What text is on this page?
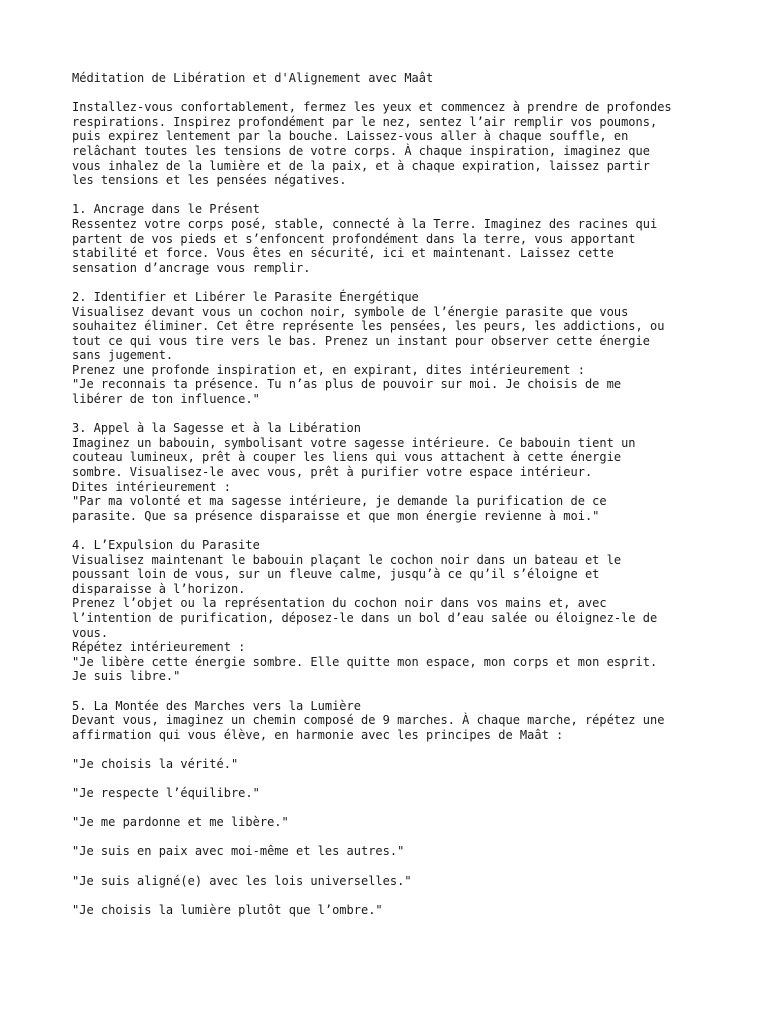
Méditation de Libération et d'Alignement avec Maât
Installez-vous confortablement, fermez les yeux et commencez à prendre de profondes
respirations. Inspirez profondément par le nez, sentez l’air remplir vos poumons,
puis expirez lentement par la bouche. Laissez-vous aller à chaque souffle, en
relâchant toutes les tensions de votre corps. À chaque inspiration, imaginez que
vous inhalez de la lumière et de la paix, et à chaque expiration, laissez partir
les tensions et les pensées négatives.
1. Ancrage dans le Présent
Ressentez votre corps posé, stable, connecté à la Terre. Imaginez des racines qui
partent de vos pieds et s’enfoncent profondément dans la terre, vous apportant
stabilité et force. Vous êtes en sécurité, ici et maintenant. Laissez cette
sensation d’ancrage vous remplir.
2. Identifier et Libérer le Parasite Énergétique
Visualisez devant vous un cochon noir, symbole de l’énergie parasite que vous
souhaitez éliminer. Cet être représente les pensées, les peurs, les addictions, ou
tout ce qui vous tire vers le bas. Prenez un instant pour observer cette énergie
sans jugement.
Prenez une profonde inspiration et, en expirant, dites intérieurement :
"Je reconnais ta présence. Tu n’as plus de pouvoir sur moi. Je choisis de me
libérer de ton influence."
3. Appel à la Sagesse et à la Libération
Imaginez un babouin, symbolisant votre sagesse intérieure. Ce babouin tient un
couteau lumineux, prêt à couper les liens qui vous attachent à cette énergie
sombre. Visualisez-le avec vous, prêt à purifier votre espace intérieur.
Dites intérieurement :
"Par ma volonté et ma sagesse intérieure, je demande la purification de ce
parasite. Que sa présence disparaisse et que mon énergie revienne à moi."
4. L’Expulsion du Parasite
Visualisez maintenant le babouin plaçant le cochon noir dans un bateau et le
poussant loin de vous, sur un fleuve calme, jusqu’à ce qu’il s’éloigne et
disparaisse à l’horizon.
Prenez l’objet ou la représentation du cochon noir dans vos mains et, avec
l’intention de purification, déposez-le dans un bol d’eau salée ou éloignez-le de
vous.
Répétez intérieurement :
"Je libère cette énergie sombre. Elle quitte mon espace, mon corps et mon esprit.
Je suis libre."
5. La Montée des Marches vers la Lumière
Devant vous, imaginez un chemin composé de 9 marches. À chaque marche, répétez une
affirmation qui vous élève, en harmonie avec les principes de Maât :
"Je choisis la vérité."
"Je respecte l’équilibre."
"Je me pardonne et me libère."
"Je suis en paix avec moi-même et les autres."
"Je suis aligné(e) avec les lois universelles."
"Je choisis la lumière plutôt que l’ombre."
